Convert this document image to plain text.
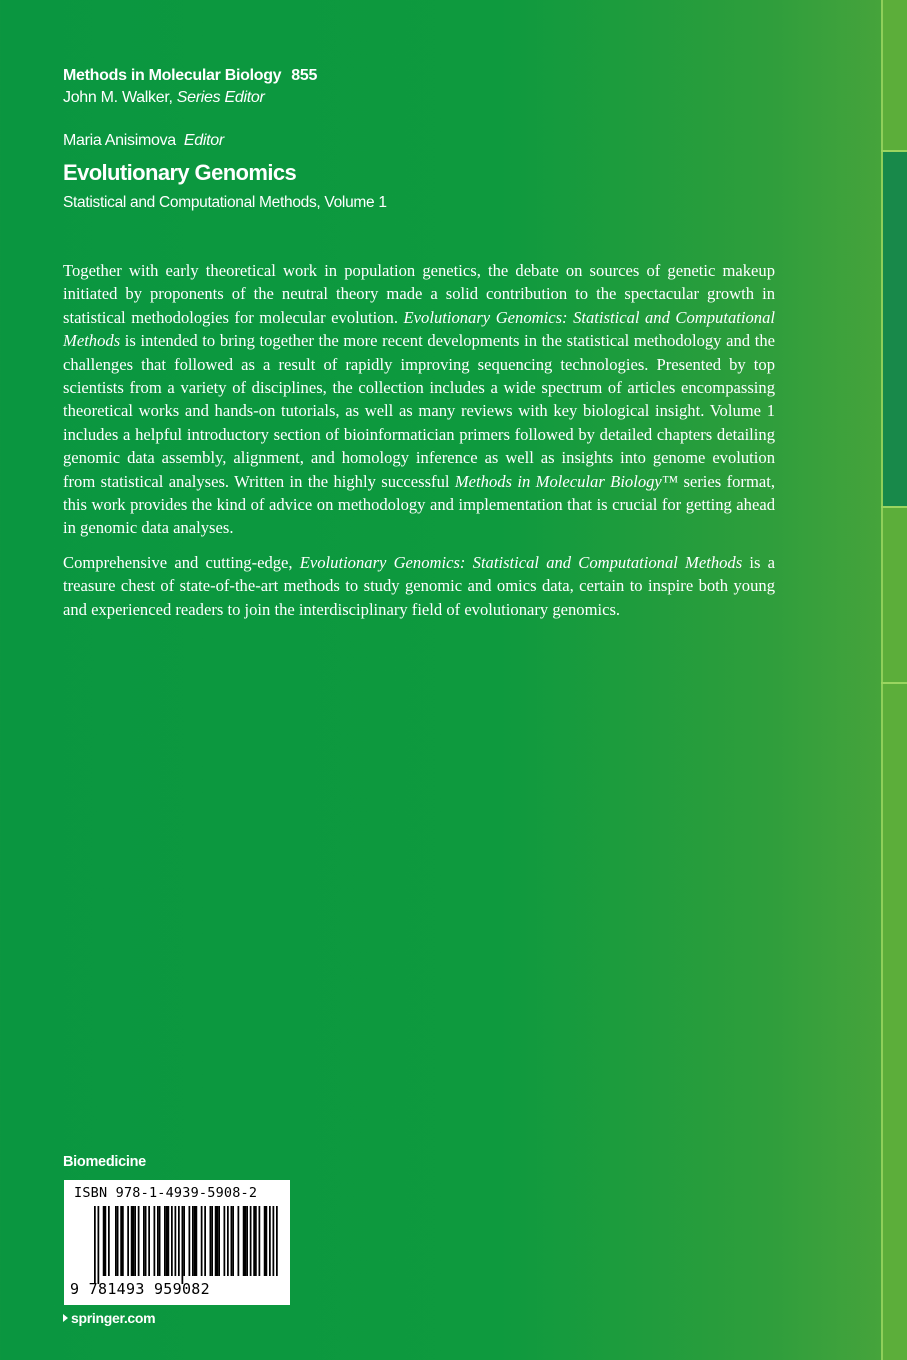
Methods in Molecular Biology 855
John M. Walker, Series Editor
Maria Anisimova Editor
Evolutionary Genomics
Statistical and Computational Methods, Volume 1

Together with early theoretical work in population genetics, the debate on sources of genetic makeup initiated by proponents of the neutral theory made a solid contribution to the spectacular growth in statistical methodologies for molecular evolution. Evolutionary Genomics: Statistical and Computational Methods is intended to bring together the more recent developments in the statistical methodology and the challenges that followed as a result of rapidly improving sequencing technologies. Presented by top scientists from a variety of disciplines, the collection includes a wide spectrum of articles encompassing theoretical works and hands-on tutorials, as well as many reviews with key biological insight. Volume 1 includes a helpful introductory section of bioinformatician primers followed by detailed chapters detailing genomic data assembly, alignment, and homology inference as well as insights into genome evolution from statistical analyses. Written in the highly successful Methods in Molecular Biology™ series format, this work provides the kind of advice on methodology and implementation that is crucial for getting ahead in genomic data analyses.

Comprehensive and cutting-edge, Evolutionary Genomics: Statistical and Computational Methods is a treasure chest of state-of-the-art methods to study genomic and omics data, certain to inspire both young and experienced readers to join the interdisciplinary field of evolutionary genomics.

Biomedicine
ISBN 978-1-4939-5908-2
9 781493 959082
springer.com
